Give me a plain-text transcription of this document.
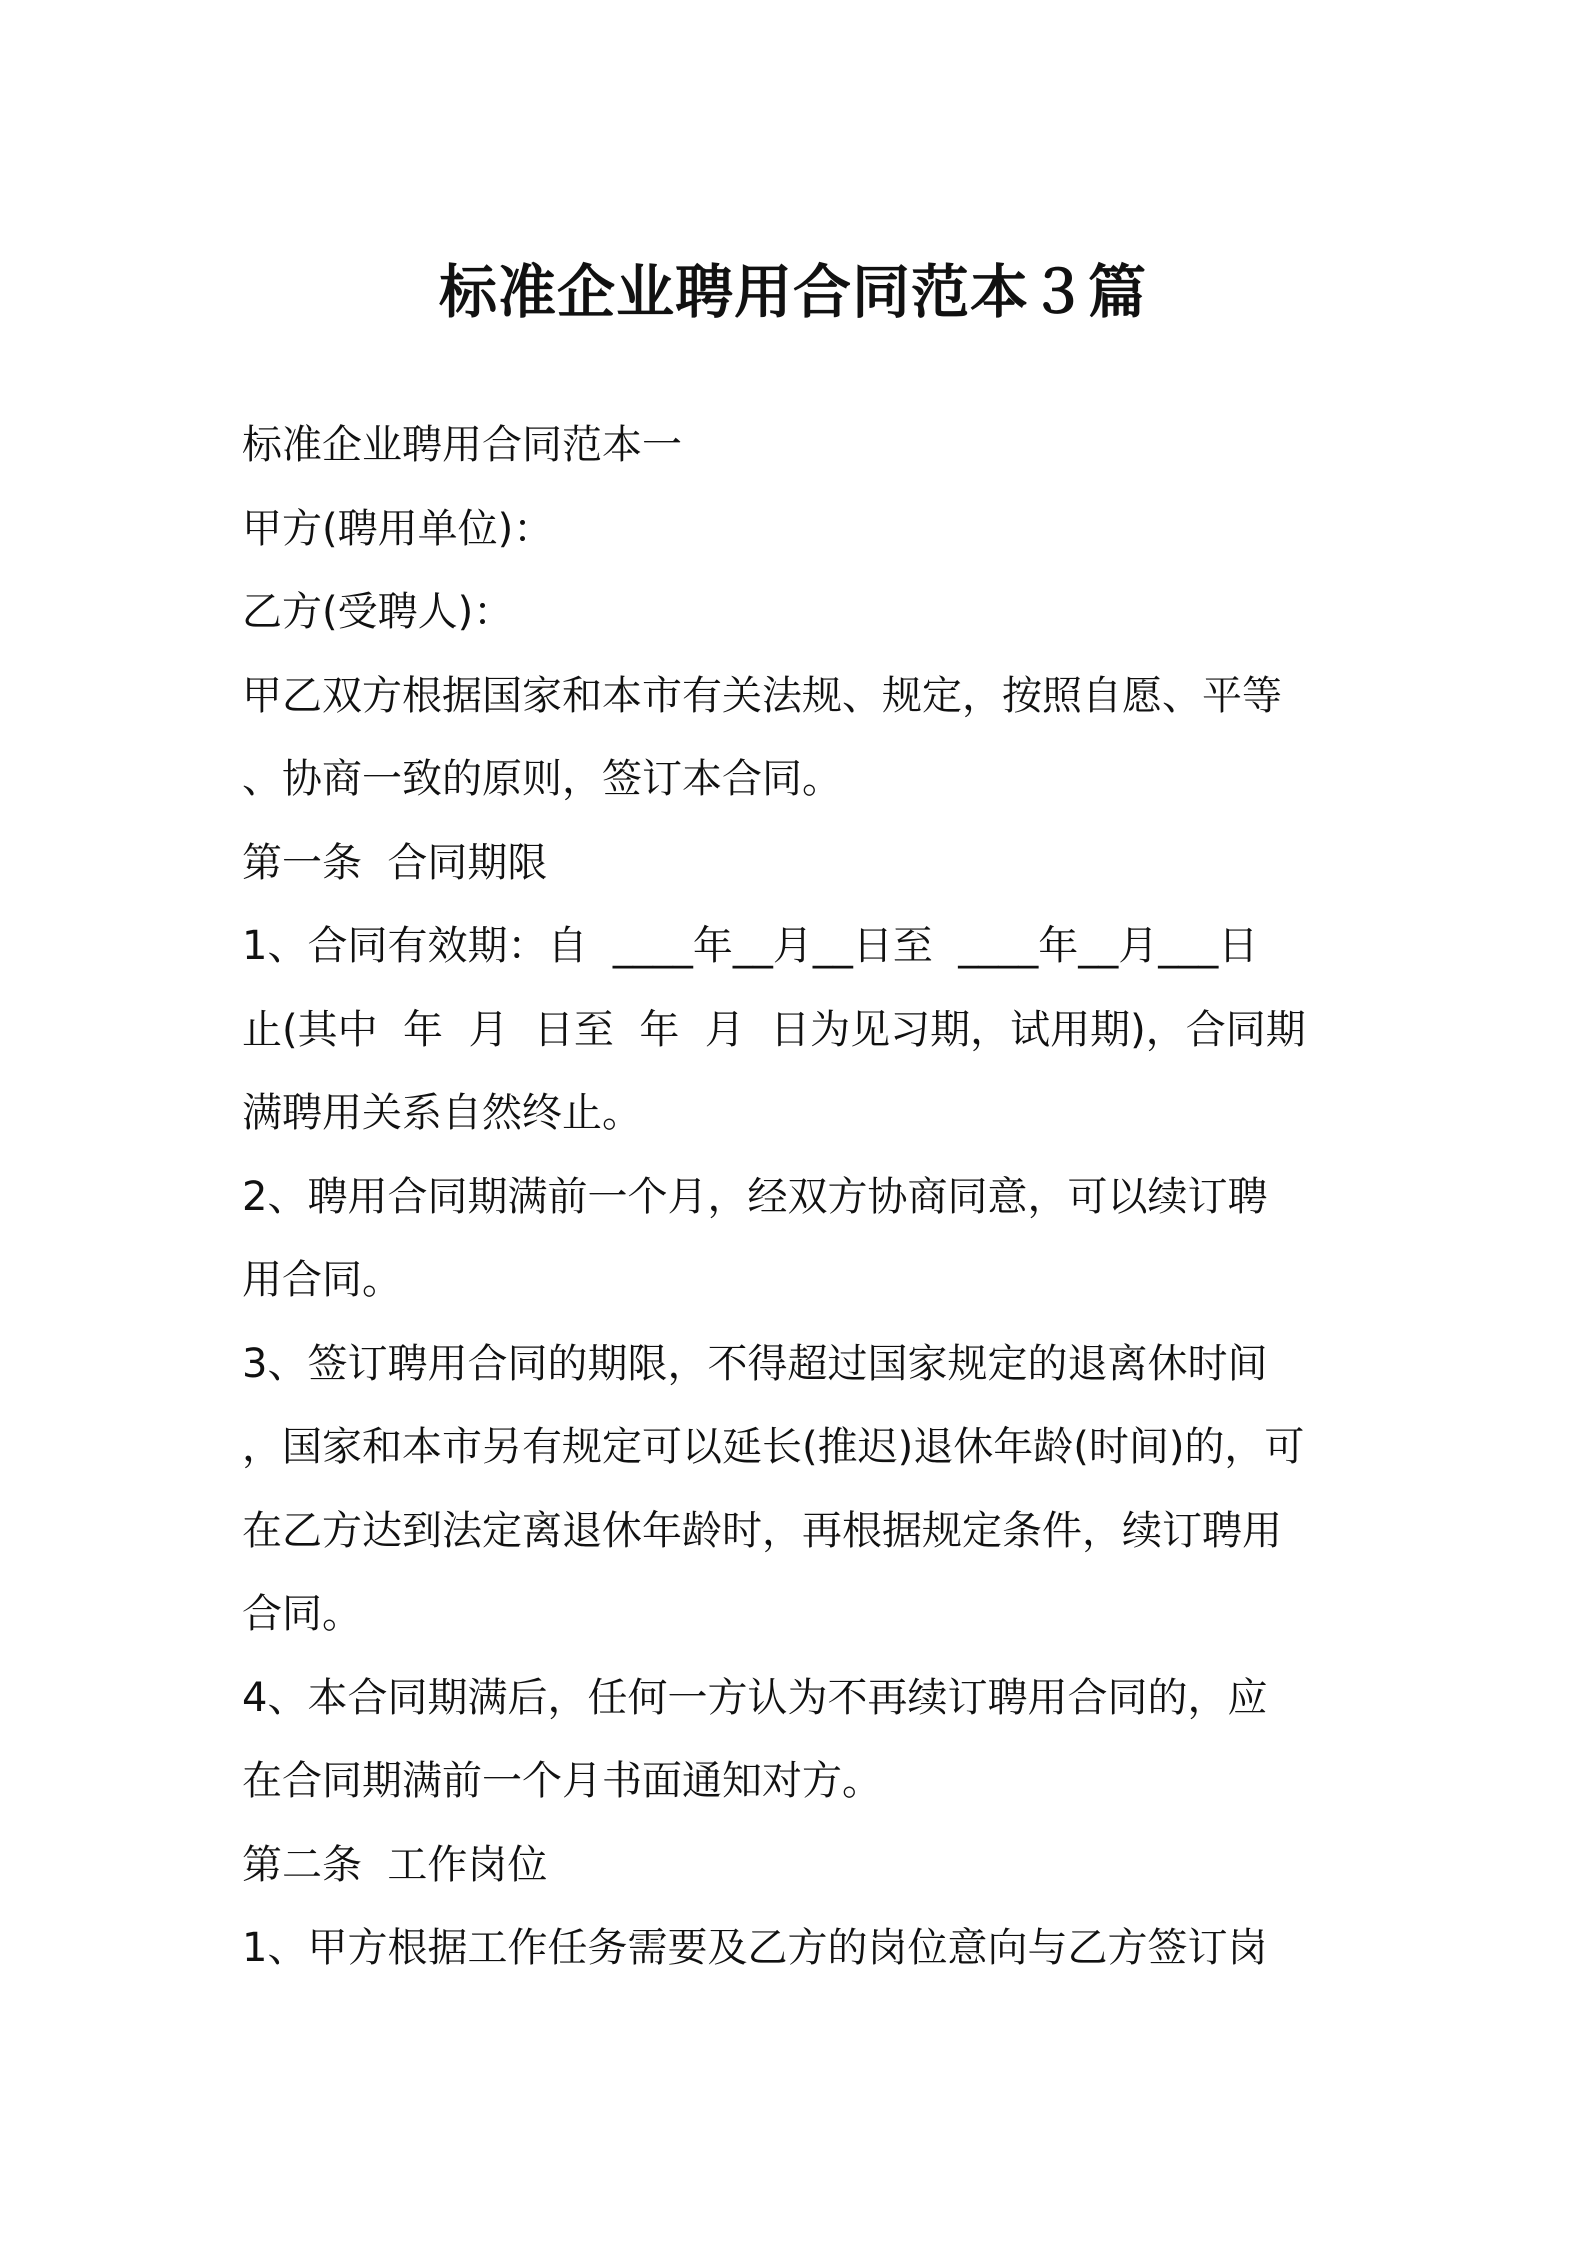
标准企业聘用合同范本３篇
标准企业聘用合同范本一
甲方(聘用单位)：
乙方(受聘人)：
甲乙双方根据国家和本市有关法规、规定，按照自愿、平等
、协商一致的原则，签订本合同。
第一条  合同期限
1、合同有效期：自  ____年__月__日至  ____年__月___日
止(其中  年  月  日至  年  月  日为见习期，试用期)，合同期
满聘用关系自然终止。
2、聘用合同期满前一个月，经双方协商同意，可以续订聘
用合同。
3、签订聘用合同的期限，不得超过国家规定的退离休时间
，国家和本市另有规定可以延长(推迟)退休年龄(时间)的，可
在乙方达到法定离退休年龄时，再根据规定条件，续订聘用
合同。
4、本合同期满后，任何一方认为不再续订聘用合同的，应
在合同期满前一个月书面通知对方。
第二条  工作岗位
1、甲方根据工作任务需要及乙方的岗位意向与乙方签订岗
